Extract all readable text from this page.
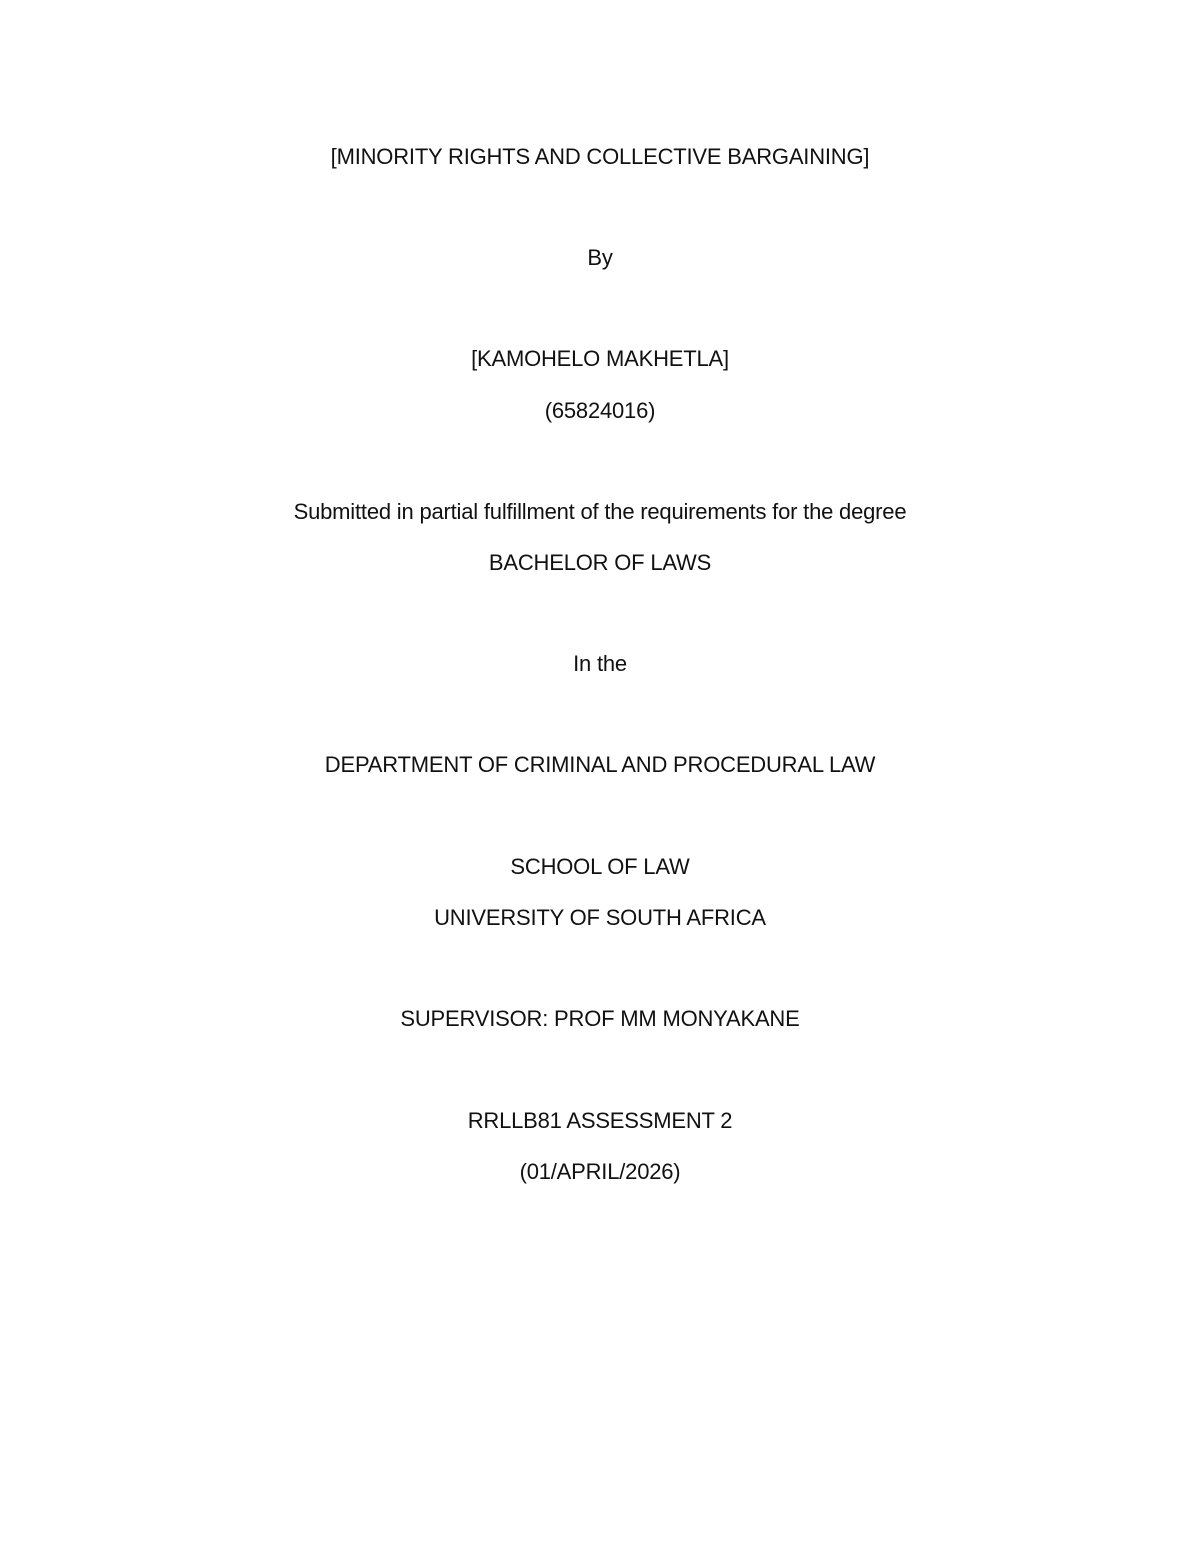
[MINORITY RIGHTS AND COLLECTIVE BARGAINING]
By
[KAMOHELO MAKHETLA]
(65824016)
Submitted in partial fulfillment of the requirements for the degree
BACHELOR OF LAWS
In the
DEPARTMENT OF CRIMINAL AND PROCEDURAL LAW
SCHOOL OF LAW
UNIVERSITY OF SOUTH AFRICA
SUPERVISOR: PROF MM MONYAKANE
RRLLB81 ASSESSMENT 2
(01/APRIL/2026)
